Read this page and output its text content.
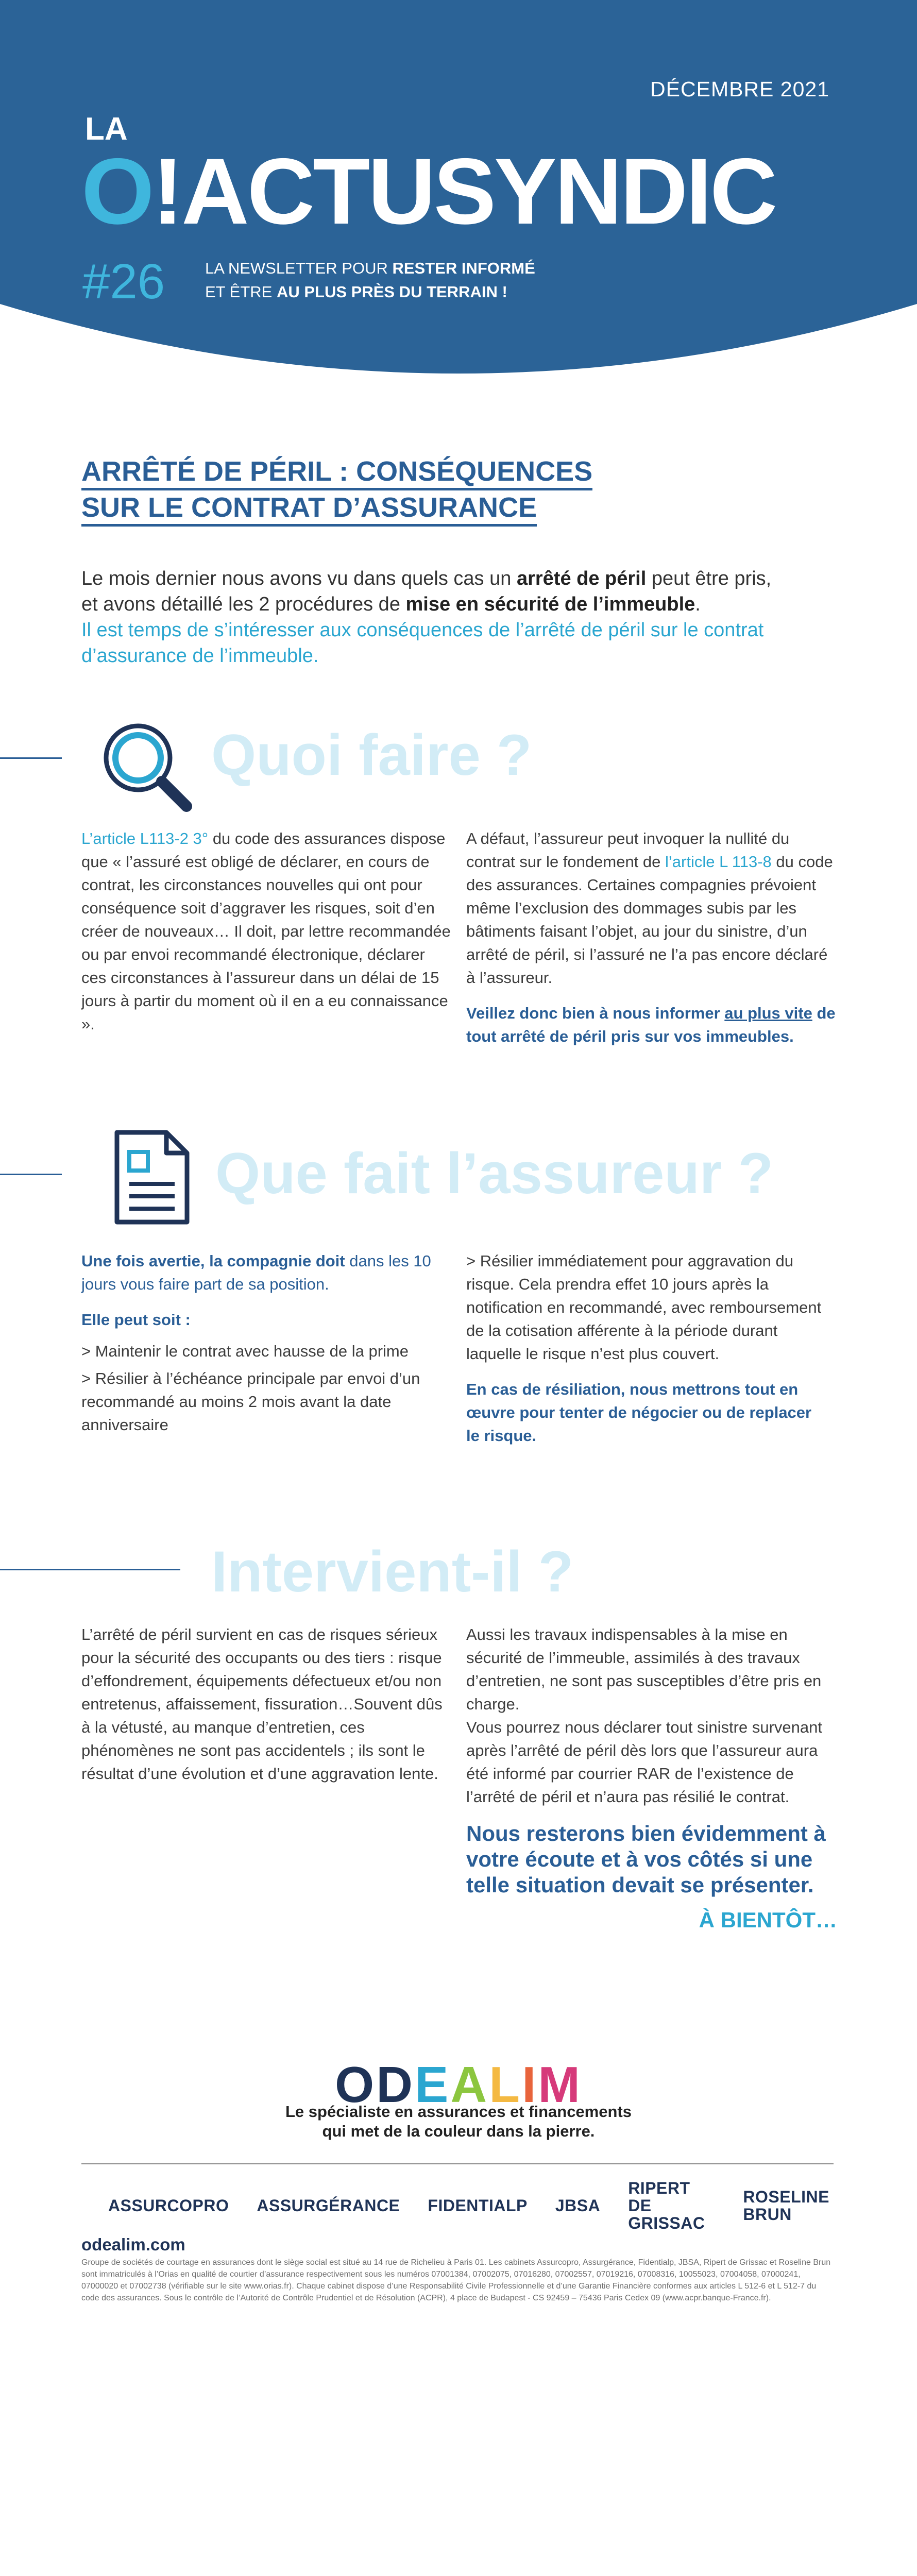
DÉCEMBRE 2021
LA
O!ACTUSYNDIC
#26	LA NEWSLETTER POUR RESTER INFORMÉ
ET ÊTRE AU PLUS PRÈS DU TERRAIN !
ARRÊTÉ DE PÉRIL : CONSÉQUENCES
SUR LE CONTRAT D’ASSURANCE
Le mois dernier nous avons vu dans quels cas un arrêté de péril peut être pris,
et avons détaillé les 2 procédures de mise en sécurité de l’immeuble.
Il est temps de s’intéresser aux conséquences de l’arrêté de péril sur le contrat d’assurance de l’immeuble.
Quoi faire ?

L’article L113-2 3° du code des assurances dispose que « l’assuré est obligé de déclarer, en cours de contrat, les circonstances nouvelles qui ont pour conséquence soit d’aggraver les risques, soit d’en créer de nouveaux… Il doit, par lettre recommandée ou par envoi recommandé électronique, déclarer ces circonstances à l’assureur dans un délai de 15 jours à partir du moment où il en a eu connaissance ».

A défaut, l’assureur peut invoquer la nullité du contrat sur le fondement de l’article L 113-8 du code des assurances. Certaines compagnies prévoient même l’exclusion des dommages subis par les bâtiments faisant l’objet, au jour du sinistre, d’un arrêté de péril, si l’assuré ne l’a pas encore déclaré à l’assureur.

Veillez donc bien à nous informer au plus vite de tout arrêté de péril pris sur vos immeubles.

Que fait l’assureur ?

Une fois avertie, la compagnie doit dans les 10 jours vous faire part de sa position.

Elle peut soit :
> Maintenir le contrat avec hausse de la prime
> Résilier à l’échéance principale par envoi d’un recommandé au moins 2 mois avant la date anniversaire

> Résilier immédiatement pour aggravation du risque. Cela prendra effet 10 jours après la notification en recommandé, avec remboursement de la cotisation afférente à la période durant laquelle le risque n’est plus couvert.

En cas de résiliation, nous mettrons tout en œuvre pour tenter de négocier ou de replacer le risque.

Intervient-il ?

L’arrêté de péril survient en cas de risques sérieux pour la sécurité des occupants ou des tiers : risque d’effondrement, équipements défectueux et/ou non entretenus, affaissement, fissuration…Souvent dûs à la vétusté, au manque d’entretien, ces phénomènes ne sont pas accidentels ; ils sont le résultat d’une évolution et d’une aggravation lente.

Aussi les travaux indispensables à la mise en sécurité de l’immeuble, assimilés à des travaux d’entretien, ne sont pas susceptibles d’être pris en charge.

Vous pourrez nous déclarer tout sinistre survenant après l’arrêté de péril dès lors que l’assureur aura été informé par courrier RAR de l’existence de l’arrêté de péril et n’aura pas résilié le contrat.

Nous resterons bien évidemment à votre écoute et à vos côtés si une telle situation devait se présenter.

À BIENTÔT…
ODEALIM
Le spécialiste en assurances et financements
qui met de la couleur dans la pierre.
ASSURCOPRO ASSURGÉRANCE FIDENTIALP JBSA
RIPERT
DE GRISSAC
ROSELINE
BRUN
odealim.com
Groupe de sociétés de courtage en assurances dont le siège social est situé au 14 rue de Richelieu à Paris 01. Les cabinets Assurcopro, Assurgérance, Fidentialp, JBSA, Ripert de Grissac et Roseline Brun sont immatriculés à l’Orias en qualité de courtier d’assurance respectivement sous les numéros 07001384, 07002075, 07016280, 07002557, 07019216, 07008316, 10055023, 07004058, 07000241, 07000020 et 07002738 (vérifiable sur le site www.orias.fr). Chaque cabinet dispose d’une Responsabilité Civile Professionnelle et d’une Garantie Financière conformes aux articles L 512-6 et L 512-7 du code des assurances. Sous le contrôle de l’Autorité de Contrôle Prudentiel et de Résolution (ACPR), 4 place de Budapest - CS 92459 – 75436 Paris Cedex 09 (www.acpr.banque-France.fr).
